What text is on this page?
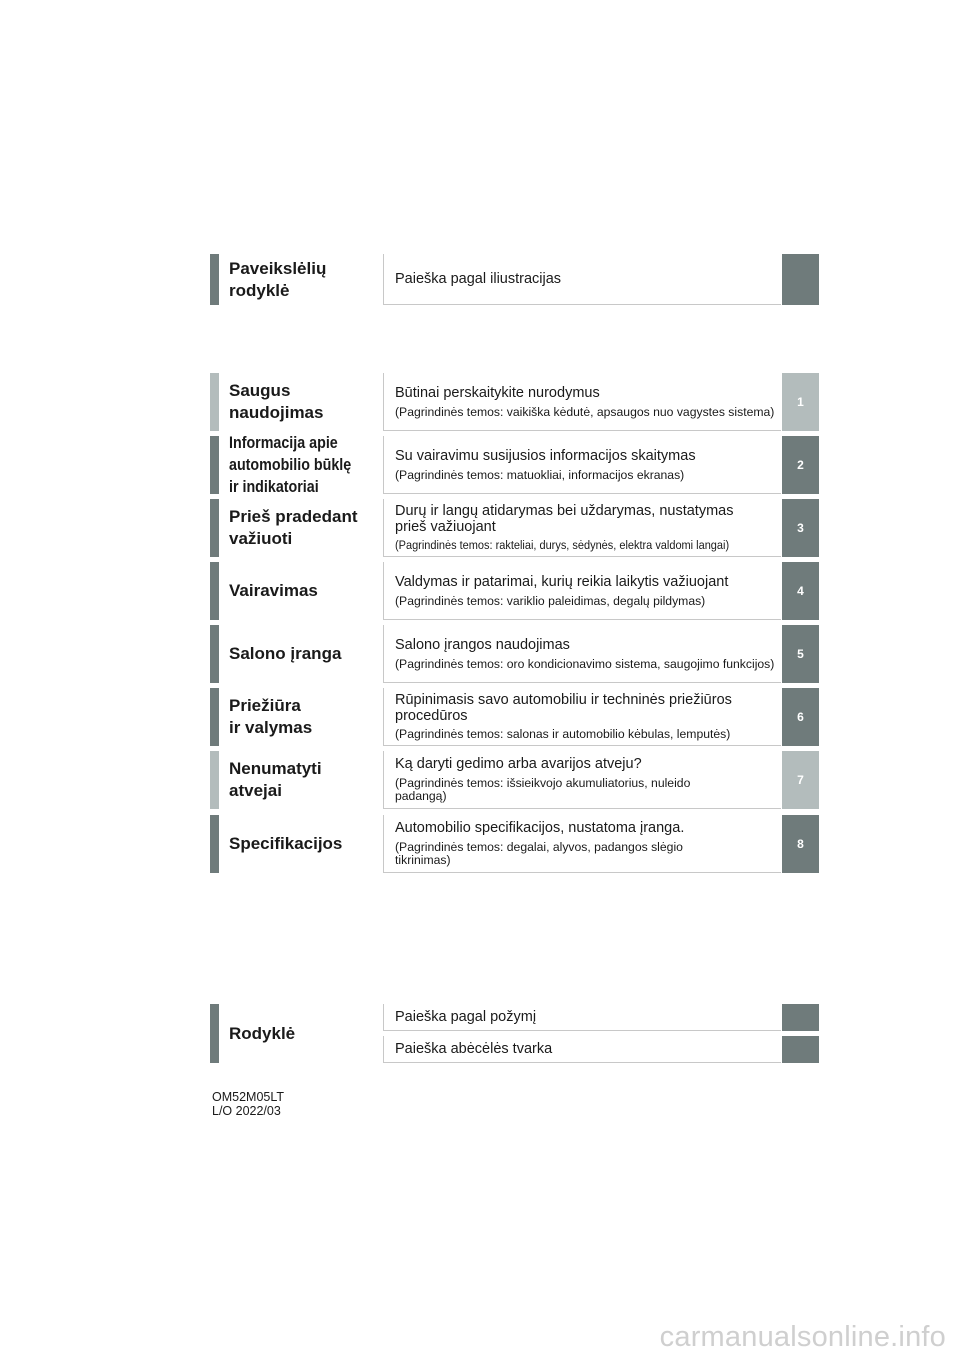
Paveikslėlių
rodyklė
Paieška pagal iliustracijas
Saugus
naudojimas
Būtinai perskaitykite nurodymus
(Pagrindinės temos: vaikiška kėdutė, apsaugos nuo vagystes sistema)
1
Informacija apie
automobilio būklę
ir indikatoriai
Su vairavimu susijusios informacijos skaitymas
(Pagrindinės temos: matuokliai, informacijos ekranas)
2
Prieš pradedant
važiuoti
Durų ir langų atidarymas bei uždarymas, nustatymas prieš važiuojant
(Pagrindinės temos: rakteliai, durys, sėdynės, elektra valdomi langai)
3
Vairavimas	Valdymas ir patarimai, kurių reikia laikytis važiuojant
(Pagrindinės temos: variklio paleidimas, degalų pildymas)
4
Salono įranga	Salono įrangos naudojimas
(Pagrindinės temos: oro kondicionavimo sistema, saugojimo funkcijos)
5
Priežiūra
ir valymas
Rūpinimasis savo automobiliu ir techninės priežiūros procedūros
(Pagrindinės temos: salonas ir automobilio kėbulas, lemputės)
6
Nenumatyti
atvejai
Ką daryti gedimo arba avarijos atveju?
(Pagrindinės temos: išsieikvojo akumuliatorius, nuleido padangą)
7
Specifikacijos
Automobilio specifikacijos, nustatoma įranga.
(Pagrindinės temos: degalai, alyvos, padangos slėgio tikrinimas)
8
Rodyklė
Paieška pagal požymį
Paieška abėcėlės tvarka
OM52M05LT
L/O 2022/03
carmanualsonline.info
